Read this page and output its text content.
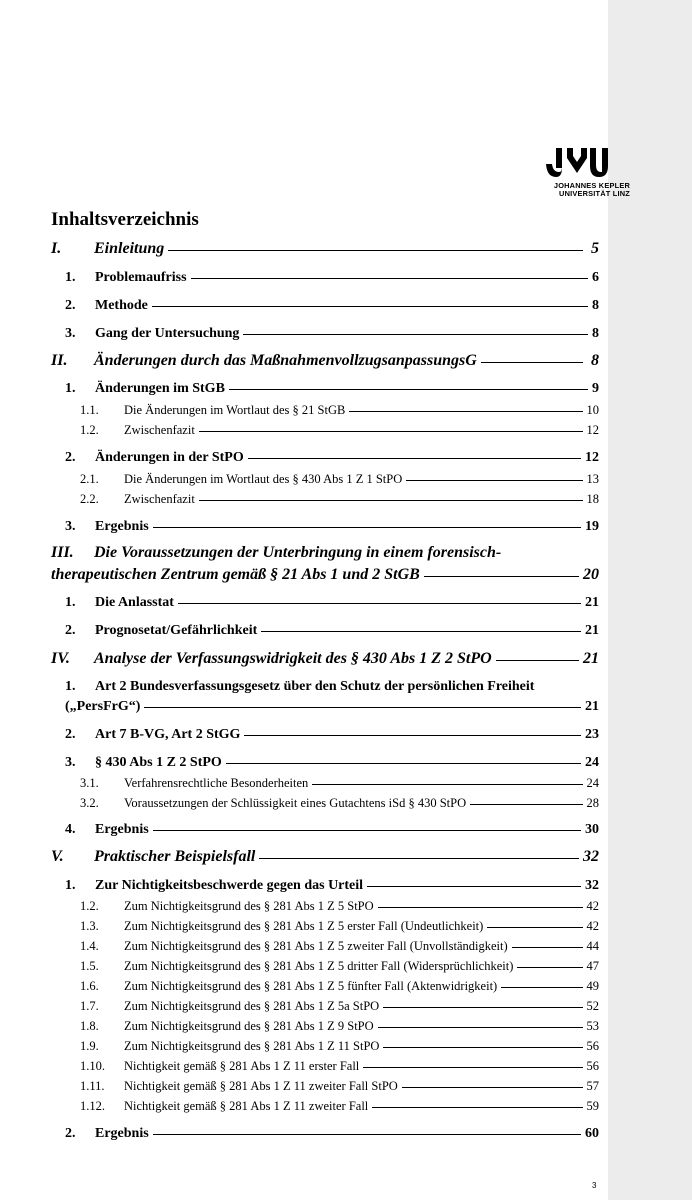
JOHANNES KEPLER
UNIVERSITÄT LINZ
Inhaltsverzeichnis
I.	Einleitung	5
1.	Problemaufriss	6
2.	Methode	8
3.	Gang der Untersuchung	8
II.	Änderungen durch das MaßnahmenvollzugsanpassungsG	8
1.	Änderungen im StGB	9
1.1.	Die Änderungen im Wortlaut des § 21 StGB	10
1.2.	Zwischenfazit	12
2.	Änderungen in der StPO	12
2.1.	Die Änderungen im Wortlaut des § 430 Abs 1 Z 1 StPO	13
2.2.	Zwischenfazit	18
3.	Ergebnis	19
III. Die Voraussetzungen der Unterbringung in einem forensisch-
therapeutischen Zentrum gemäß § 21 Abs 1 und 2 StGB	20
1.	Die Anlasstat	21
2.	Prognosetat/Gefährlichkeit	21
IV.	Analyse der Verfassungswidrigkeit des § 430 Abs 1 Z 2 StPO	21
1. Art 2 Bundesverfassungsgesetz über den Schutz der persönlichen Freiheit
(„PersFrG“)	21
2.	Art 7 B-VG, Art 2 StGG	23
3.	§ 430 Abs 1 Z 2 StPO	24
3.1.	Verfahrensrechtliche Besonderheiten	24
3.2.	Voraussetzungen der Schlüssigkeit eines Gutachtens iSd § 430 StPO	28
4.	Ergebnis	30
V.	Praktischer Beispielsfall	32
1.	Zur Nichtigkeitsbeschwerde gegen das Urteil	32
1.2.	Zum Nichtigkeitsgrund des § 281 Abs 1 Z 5 StPO	42
1.3.	Zum Nichtigkeitsgrund des § 281 Abs 1 Z 5 erster Fall (Undeutlichkeit)	42
1.4.	Zum Nichtigkeitsgrund des § 281 Abs 1 Z 5 zweiter Fall (Unvollständigkeit)	44
1.5.	Zum Nichtigkeitsgrund des § 281 Abs 1 Z 5 dritter Fall (Widersprüchlichkeit)	47
1.6.	Zum Nichtigkeitsgrund des § 281 Abs 1 Z 5 fünfter Fall (Aktenwidrigkeit)	49
1.7.	Zum Nichtigkeitsgrund des § 281 Abs 1 Z 5a StPO	52
1.8.	Zum Nichtigkeitsgrund des § 281 Abs 1 Z 9 StPO	53
1.9.	Zum Nichtigkeitsgrund des § 281 Abs 1 Z 11 StPO	56
1.10.	Nichtigkeit gemäß § 281 Abs 1 Z 11 erster Fall	56
1.11.	Nichtigkeit gemäß § 281 Abs 1 Z 11 zweiter Fall StPO	57
1.12.	Nichtigkeit gemäß § 281 Abs 1 Z 11 zweiter Fall	59
2.	Ergebnis	60
3
